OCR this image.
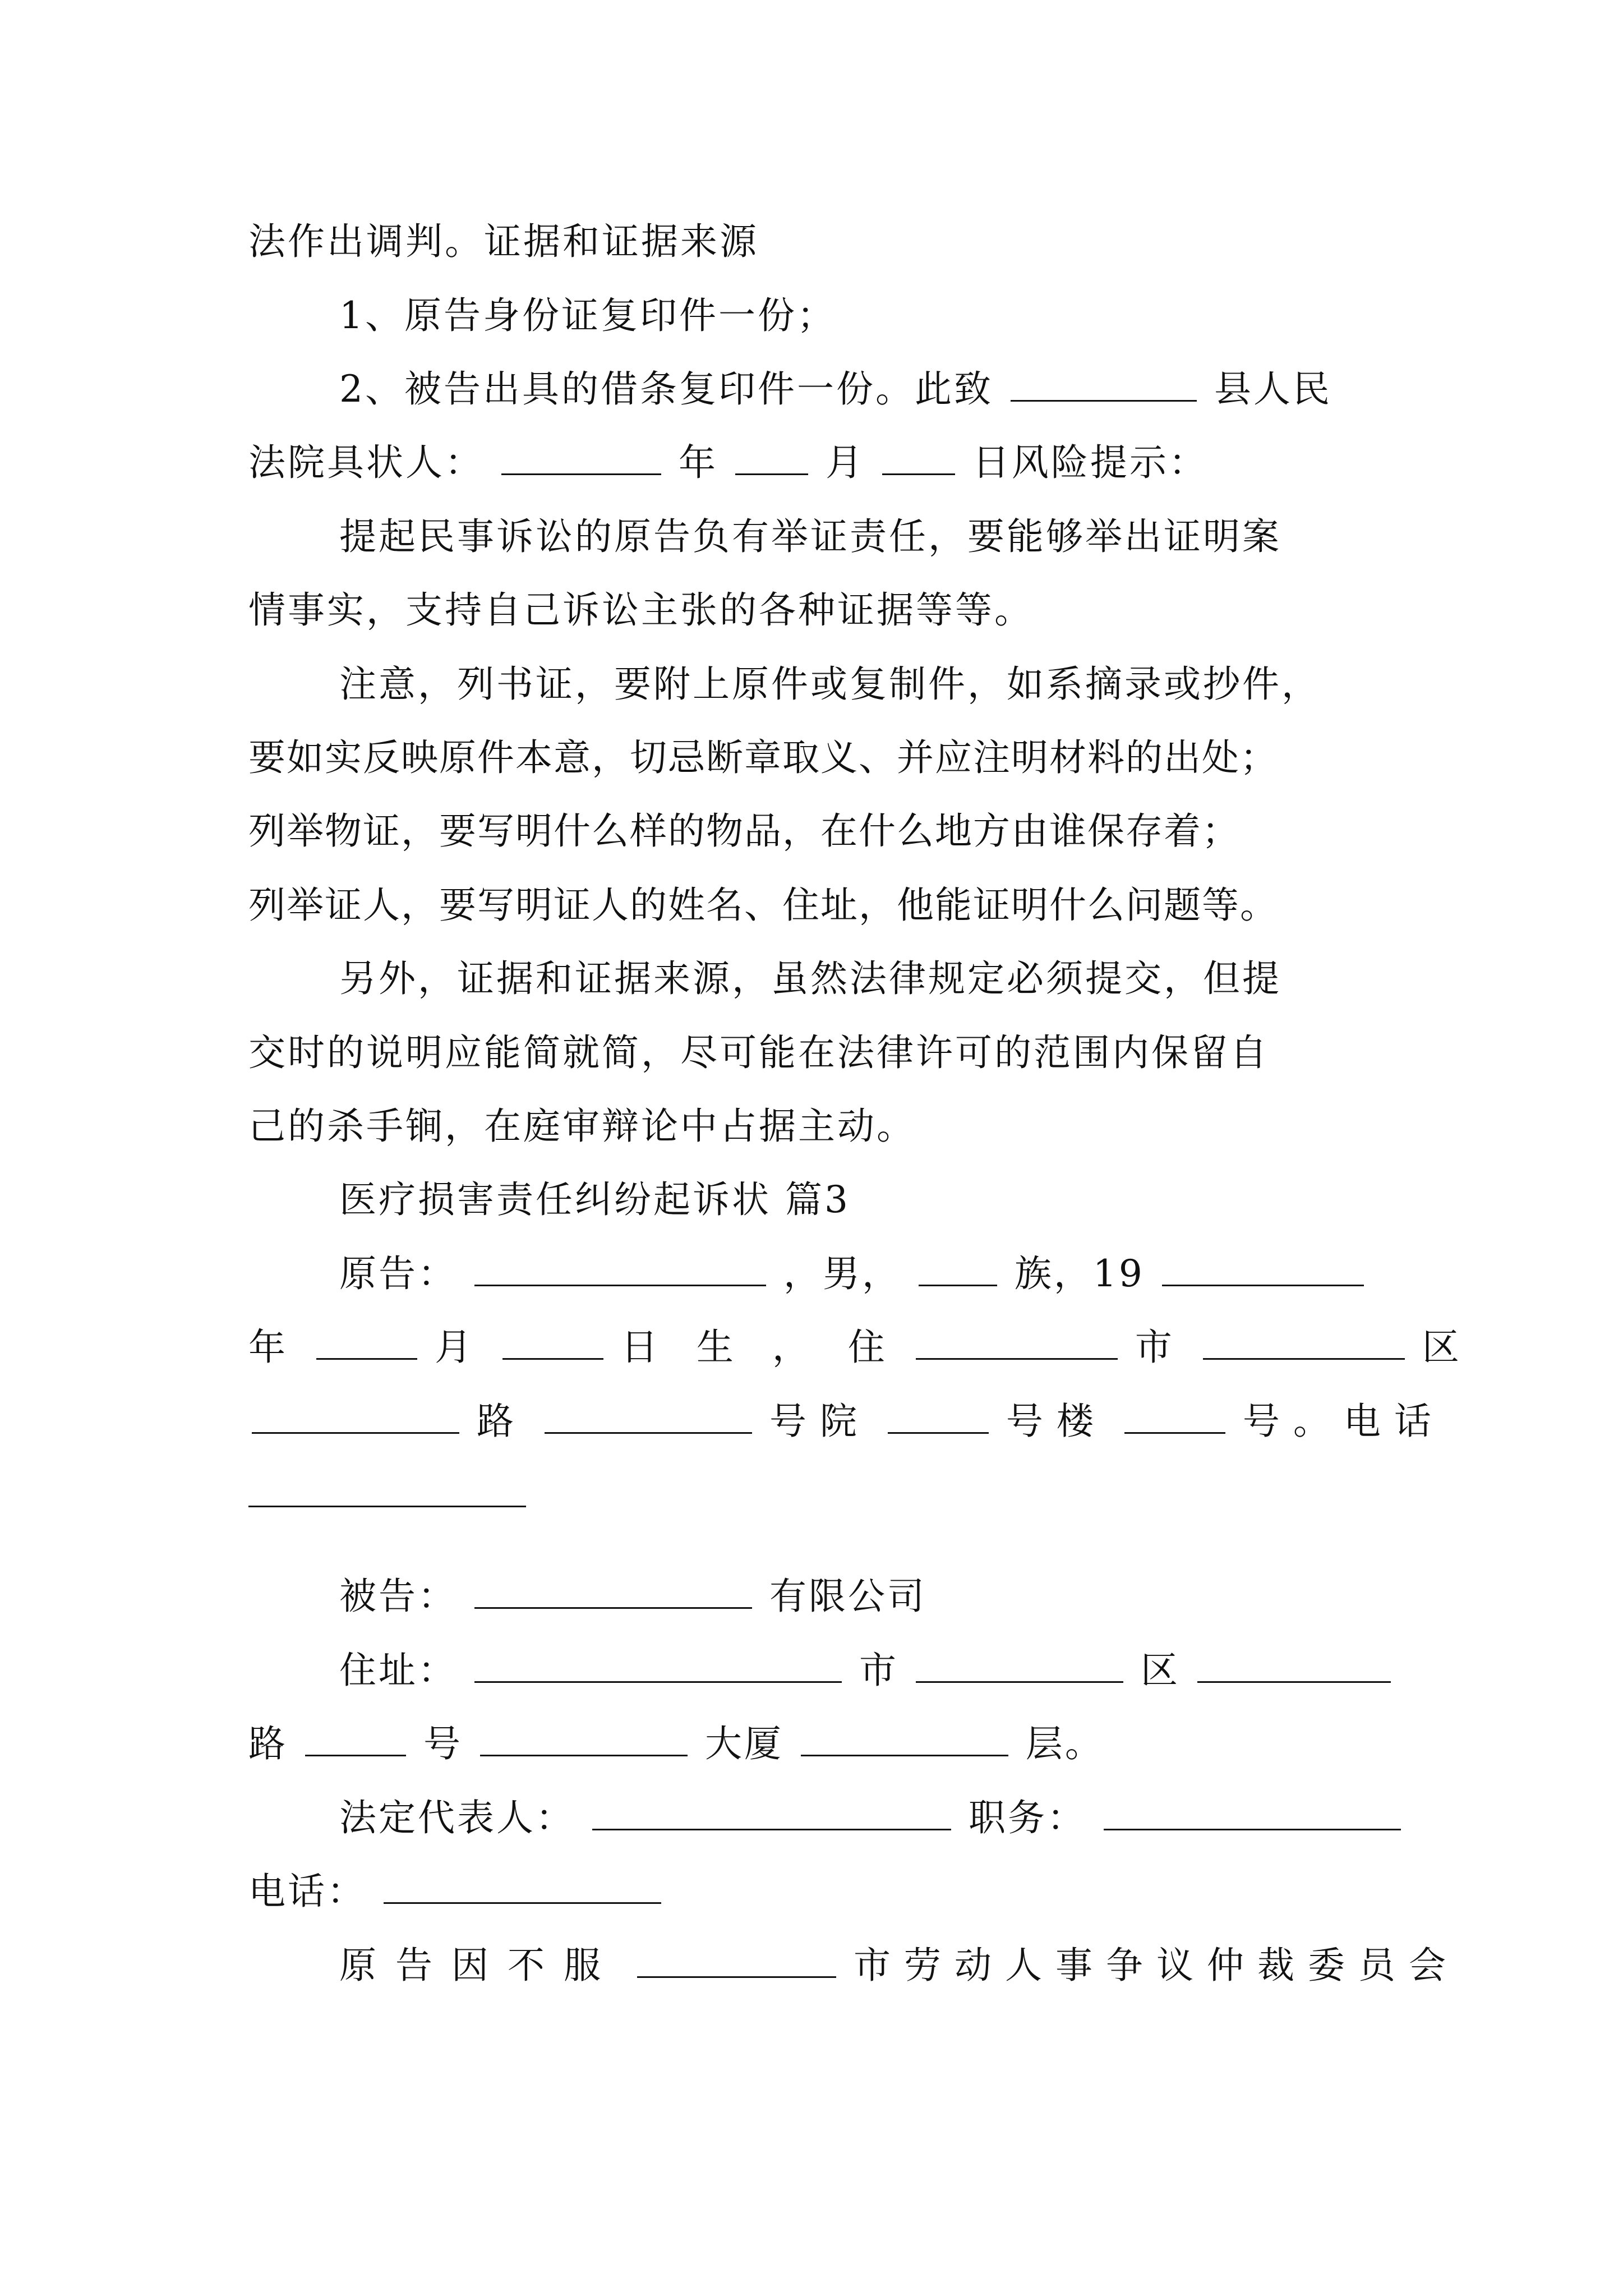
法作出调判。证据和证据来源
1、原告身份证复印件一份；
2、被告出具的借条复印件一份。此致	县人民
法院具状人：	年	月	日风险提示：
提起民事诉讼的原告负有举证责任，要能够举出证明案
情事实，支持自己诉讼主张的各种证据等等。
注意，列书证，要附上原件或复制件，如系摘录或抄件，
要如实反映原件本意，切忌断章取义、并应注明材料的出处；
列举物证，要写明什么样的物品，在什么地方由谁保存着；
列举证人，要写明证人的姓名、住址，他能证明什么问题等。
另外，证据和证据来源，虽然法律规定必须提交，但提
交时的说明应能简就简，尽可能在法律许可的范围内保留自
己的杀手锏，在庭审辩论中占据主动。
医疗损害责任纠纷起诉状 篇3
原告：	，男，	族，19
年	月	日 生 ， 住	市	区
路	号院	号楼	号。电话
被告：	有限公司
住址：	市	区
路	号	大厦	层。
法定代表人：	职务：
电话：
原告因不服	市劳动人事争议仲裁委员会
